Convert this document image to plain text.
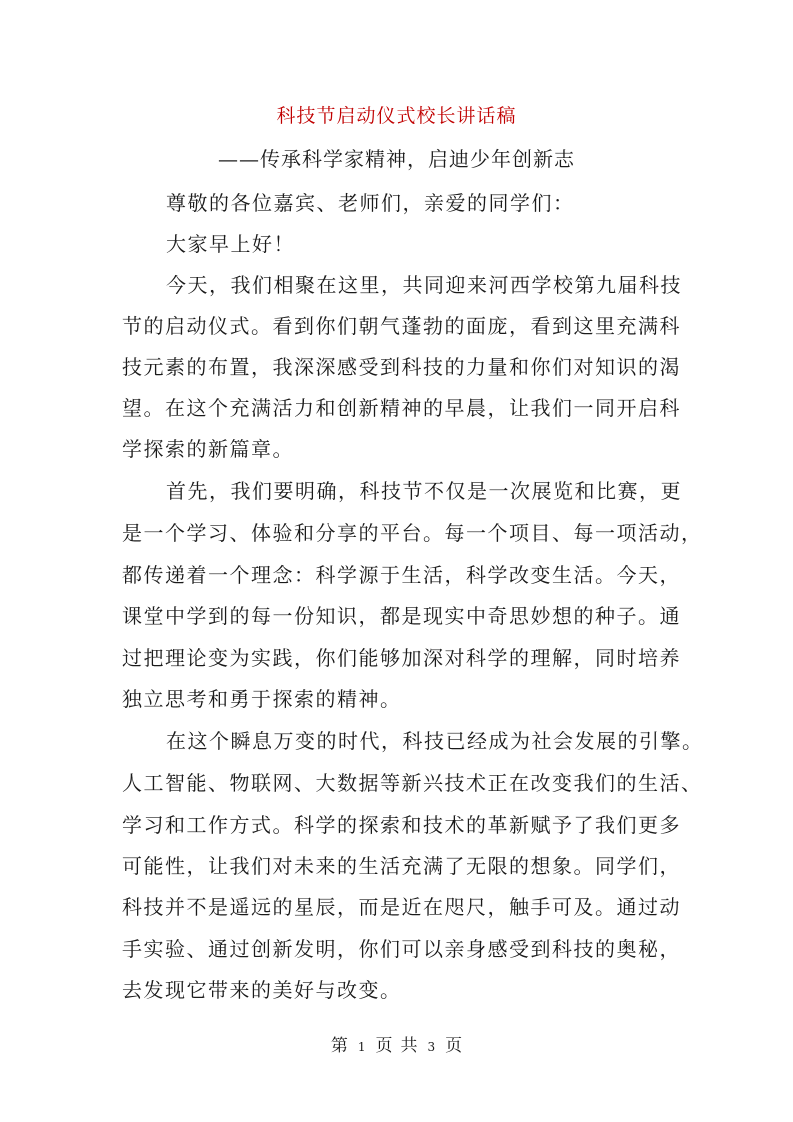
科技节启动仪式校长讲话稿
——传承科学家精神，启迪少年创新志
尊敬的各位嘉宾、老师们，亲爱的同学们：
大家早上好！
今天，我们相聚在这里，共同迎来河西学校第九届科技
节的启动仪式。看到你们朝气蓬勃的面庞，看到这里充满科
技元素的布置，我深深感受到科技的力量和你们对知识的渴
望。在这个充满活力和创新精神的早晨，让我们一同开启科
学探索的新篇章。
首先，我们要明确，科技节不仅是一次展览和比赛，更
是一个学习、体验和分享的平台。每一个项目、每一项活动，
都传递着一个理念：科学源于生活，科学改变生活。今天，
课堂中学到的每一份知识，都是现实中奇思妙想的种子。通
过把理论变为实践，你们能够加深对科学的理解，同时培养
独立思考和勇于探索的精神。
在这个瞬息万变的时代，科技已经成为社会发展的引擎。
人工智能、物联网、大数据等新兴技术正在改变我们的生活、
学习和工作方式。科学的探索和技术的革新赋予了我们更多
可能性，让我们对未来的生活充满了无限的想象。同学们，
科技并不是遥远的星辰，而是近在咫尺，触手可及。通过动
手实验、通过创新发明，你们可以亲身感受到科技的奥秘，
去发现它带来的美好与改变。
第 1 页 共 3 页
